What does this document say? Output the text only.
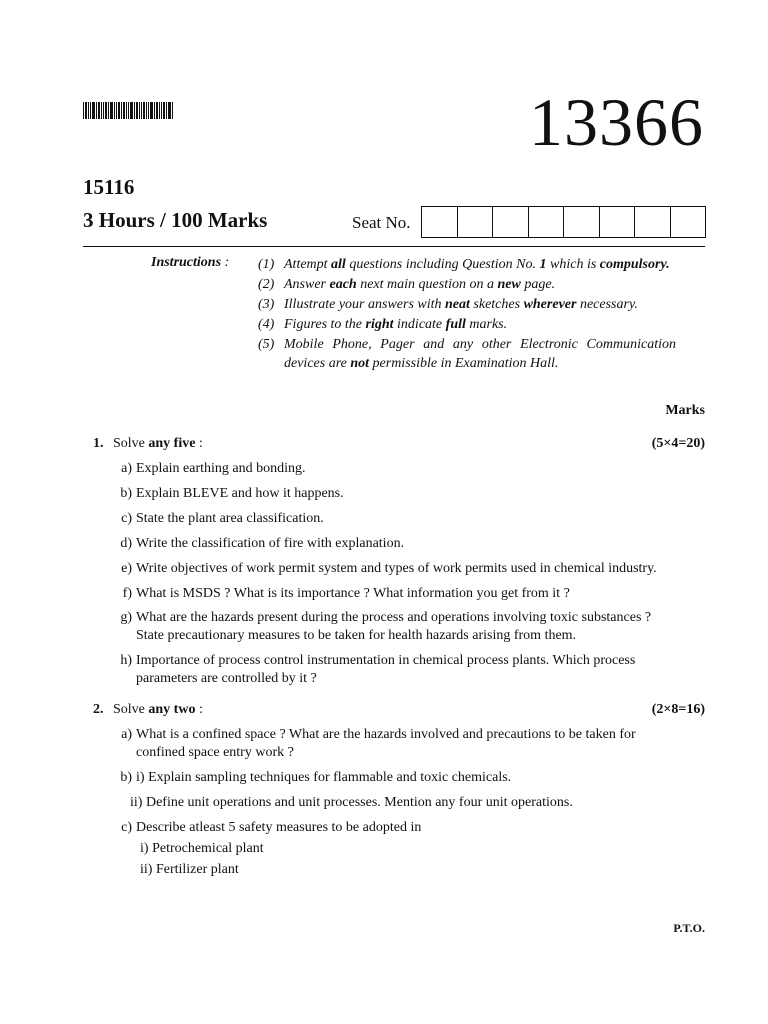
13366
15116
3 Hours / 100 Marks	Seat No.
Instructions : (1) Attempt all questions including Question No. 1 which is compulsory.
(2) Answer each next main question on a new page.
(3) Illustrate your answers with neat sketches wherever necessary.
(4) Figures to the right indicate full marks.
(5) Mobile Phone, Pager and any other Electronic Communication devices are not permissible in Examination Hall.
Marks
1. Solve any five :	(5×4=20)
a) Explain earthing and bonding.
b) Explain BLEVE and how it happens.
c) State the plant area classification.
d) Write the classification of fire with explanation.
e) Write objectives of work permit system and types of work permits used in chemical industry.
f) What is MSDS ? What is its importance ? What information you get from it ?
g) What are the hazards present during the process and operations involving toxic substances ? State precautionary measures to be taken for health hazards arising from them.
h) Importance of process control instrumentation in chemical process plants. Which process parameters are controlled by it ?
2. Solve any two :	(2×8=16)
a) What is a confined space ? What are the hazards involved and precautions to be taken for confined space entry work ?
b) i) Explain sampling techniques for flammable and toxic chemicals.
ii) Define unit operations and unit processes. Mention any four unit operations.
c) Describe atleast 5 safety measures to be adopted in
i) Petrochemical plant
ii) Fertilizer plant
P.T.O.
